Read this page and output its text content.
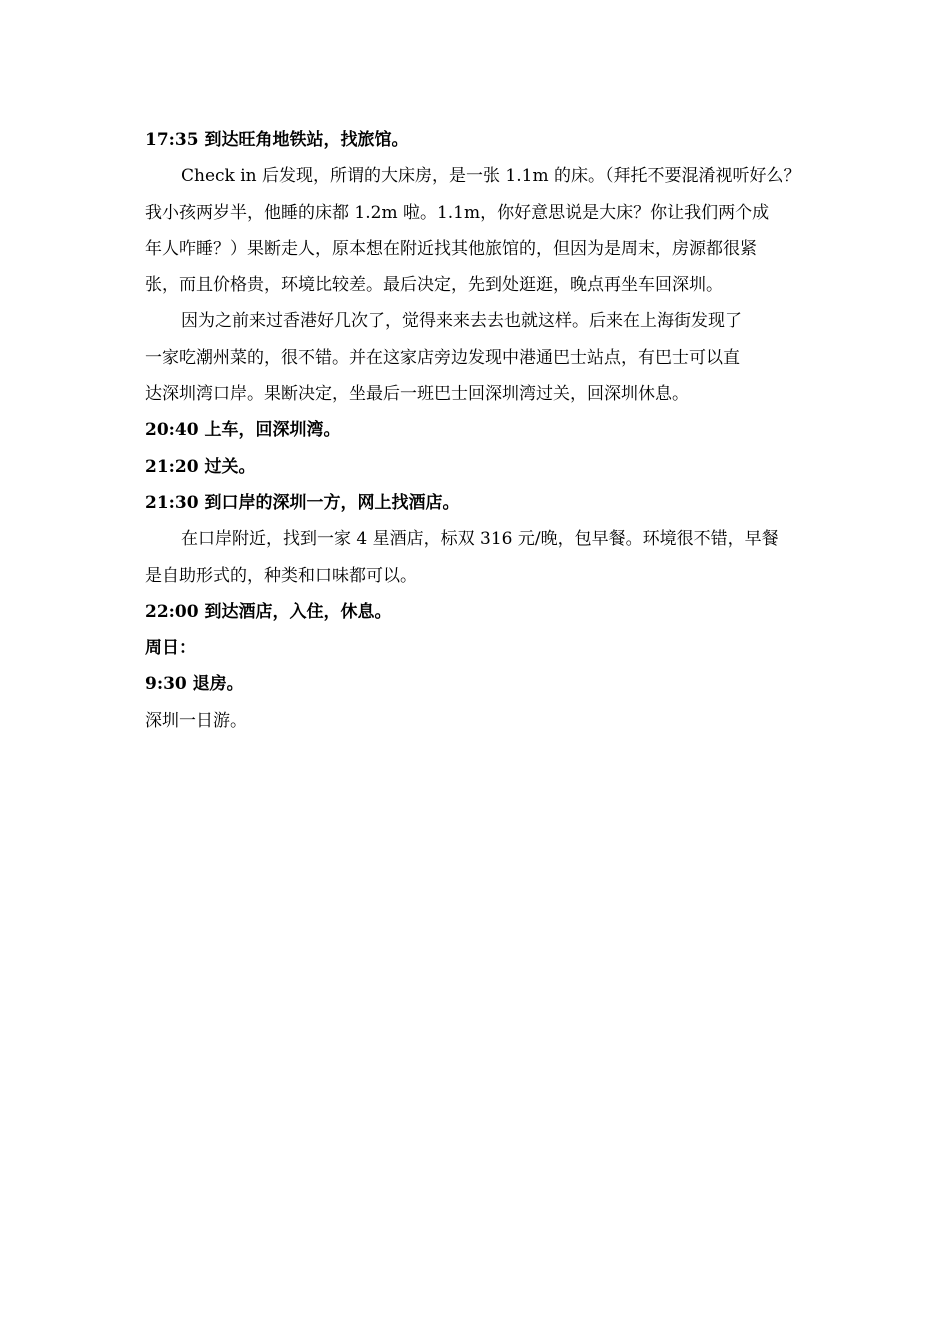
17:35 到达旺角地铁站，找旅馆。
Check in 后发现，所谓的大床房，是一张 1.1m 的床。（拜托不要混淆视听好么？
我小孩两岁半，他睡的床都 1.2m 啦。1.1m，你好意思说是大床？你让我们两个成
年人咋睡？）果断走人，原本想在附近找其他旅馆的，但因为是周末，房源都很紧
张，而且价格贵，环境比较差。最后决定，先到处逛逛，晚点再坐车回深圳。
因为之前来过香港好几次了，觉得来来去去也就这样。后来在上海街发现了
一家吃潮州菜的，很不错。并在这家店旁边发现中港通巴士站点，有巴士可以直
达深圳湾口岸。果断决定，坐最后一班巴士回深圳湾过关，回深圳休息。
20:40 上车，回深圳湾。
21:20 过关。
21:30 到口岸的深圳一方，网上找酒店。
在口岸附近，找到一家 4 星酒店，标双 316 元/晚，包早餐。环境很不错，早餐
是自助形式的，种类和口味都可以。
22:00 到达酒店，入住，休息。
周日：
9:30 退房。
深圳一日游。
